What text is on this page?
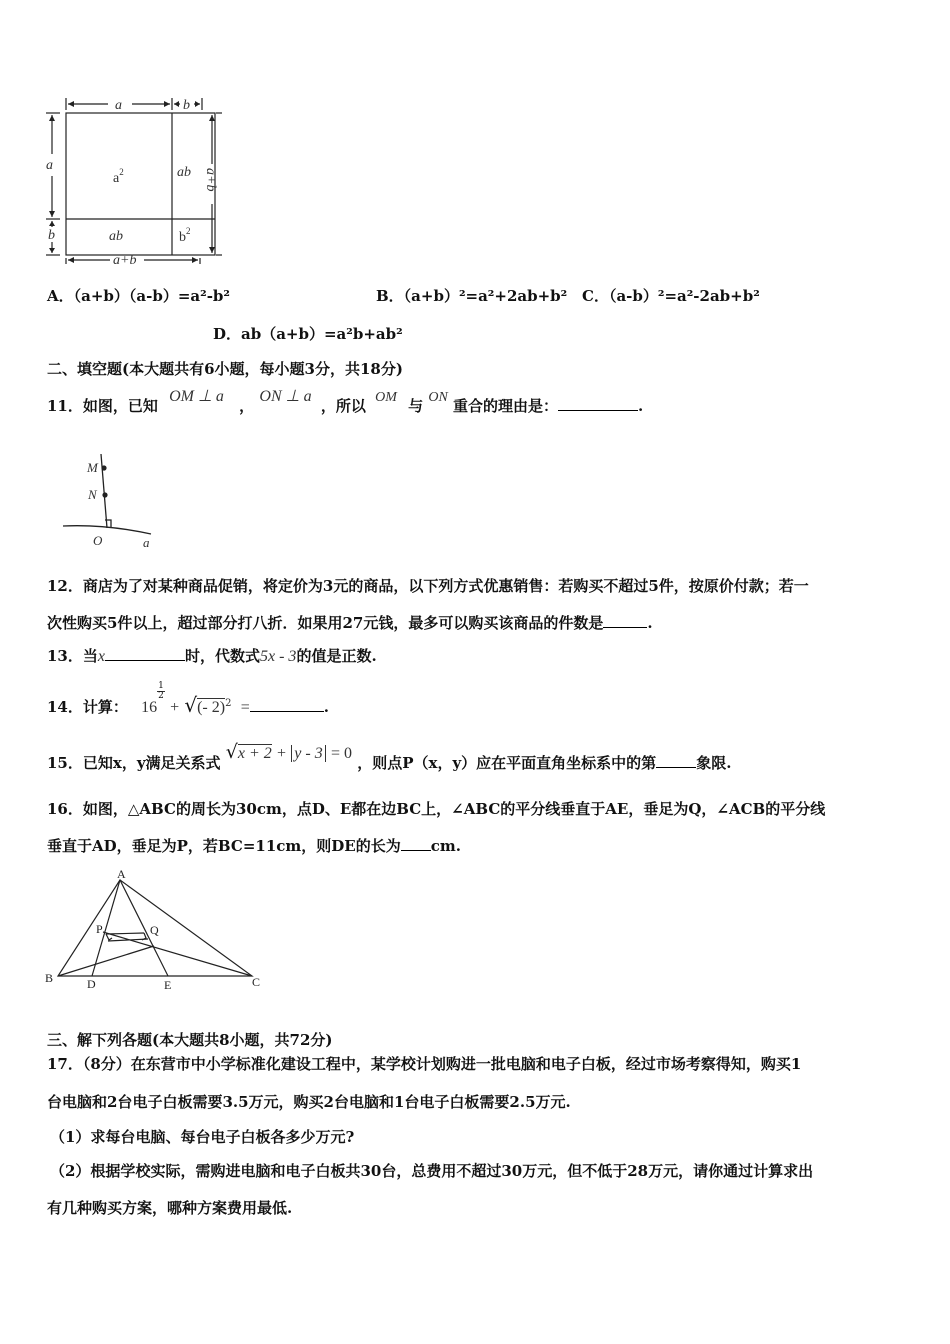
a	b
a
b
a+b
a+b
ab
ab
$a^2$
$b^2$
A．（a+b）（a-b）=a²-b²	B．（a+b）²=a²+2ab+b² C．（a-b）²=a²-2ab+b²
D．ab（a+b）=a²b+ab²
二、填空题(本大题共有6小题，每小题3分，共18分)
11．如图，已知 OM ⊥ a ， ON ⊥ a ，所以 OM 与 ON 重合的理由是：	.
M
N
O	a
12．商店为了对某种商品促销，将定价为3元的商品，以下列方式优惠销售：若购买不超过5件，按原价付款；若一
次性购买5件以上，超过部分打八折．如果用27元钱，最多可以购买该商品的件数是	.
13．当x	时，代数式5x - 3的值是正数.
14．计算： $16\frac{1}{2}$ + √(- 2)$^2$ =	.
15．已知x，y满足关系式 √x + 2 + y - 3 = 0 ，则点P（x，y）应在平面直角坐标系中的第	象限.
16．如图，△ABC的周长为30cm，点D、E都在边BC上，∠ABC的平分线垂直于AE，垂足为Q，∠ACB的平分线
垂直于AD，垂足为P，若BC=11cm，则DE的长为 cm.
A
B	C
D	E
P	Q
三、解下列各题(本大题共8小题，共72分)
17．（8分）在东营市中小学标准化建设工程中，某学校计划购进一批电脑和电子白板，经过市场考察得知，购买1
台电脑和2台电子白板需要3.5万元，购买2台电脑和1台电子白板需要2.5万元.
（1）求每台电脑、每台电子白板各多少万元?
（2）根据学校实际，需购进电脑和电子白板共30台，总费用不超过30万元，但不低于28万元，请你通过计算求出
有几种购买方案，哪种方案费用最低.
